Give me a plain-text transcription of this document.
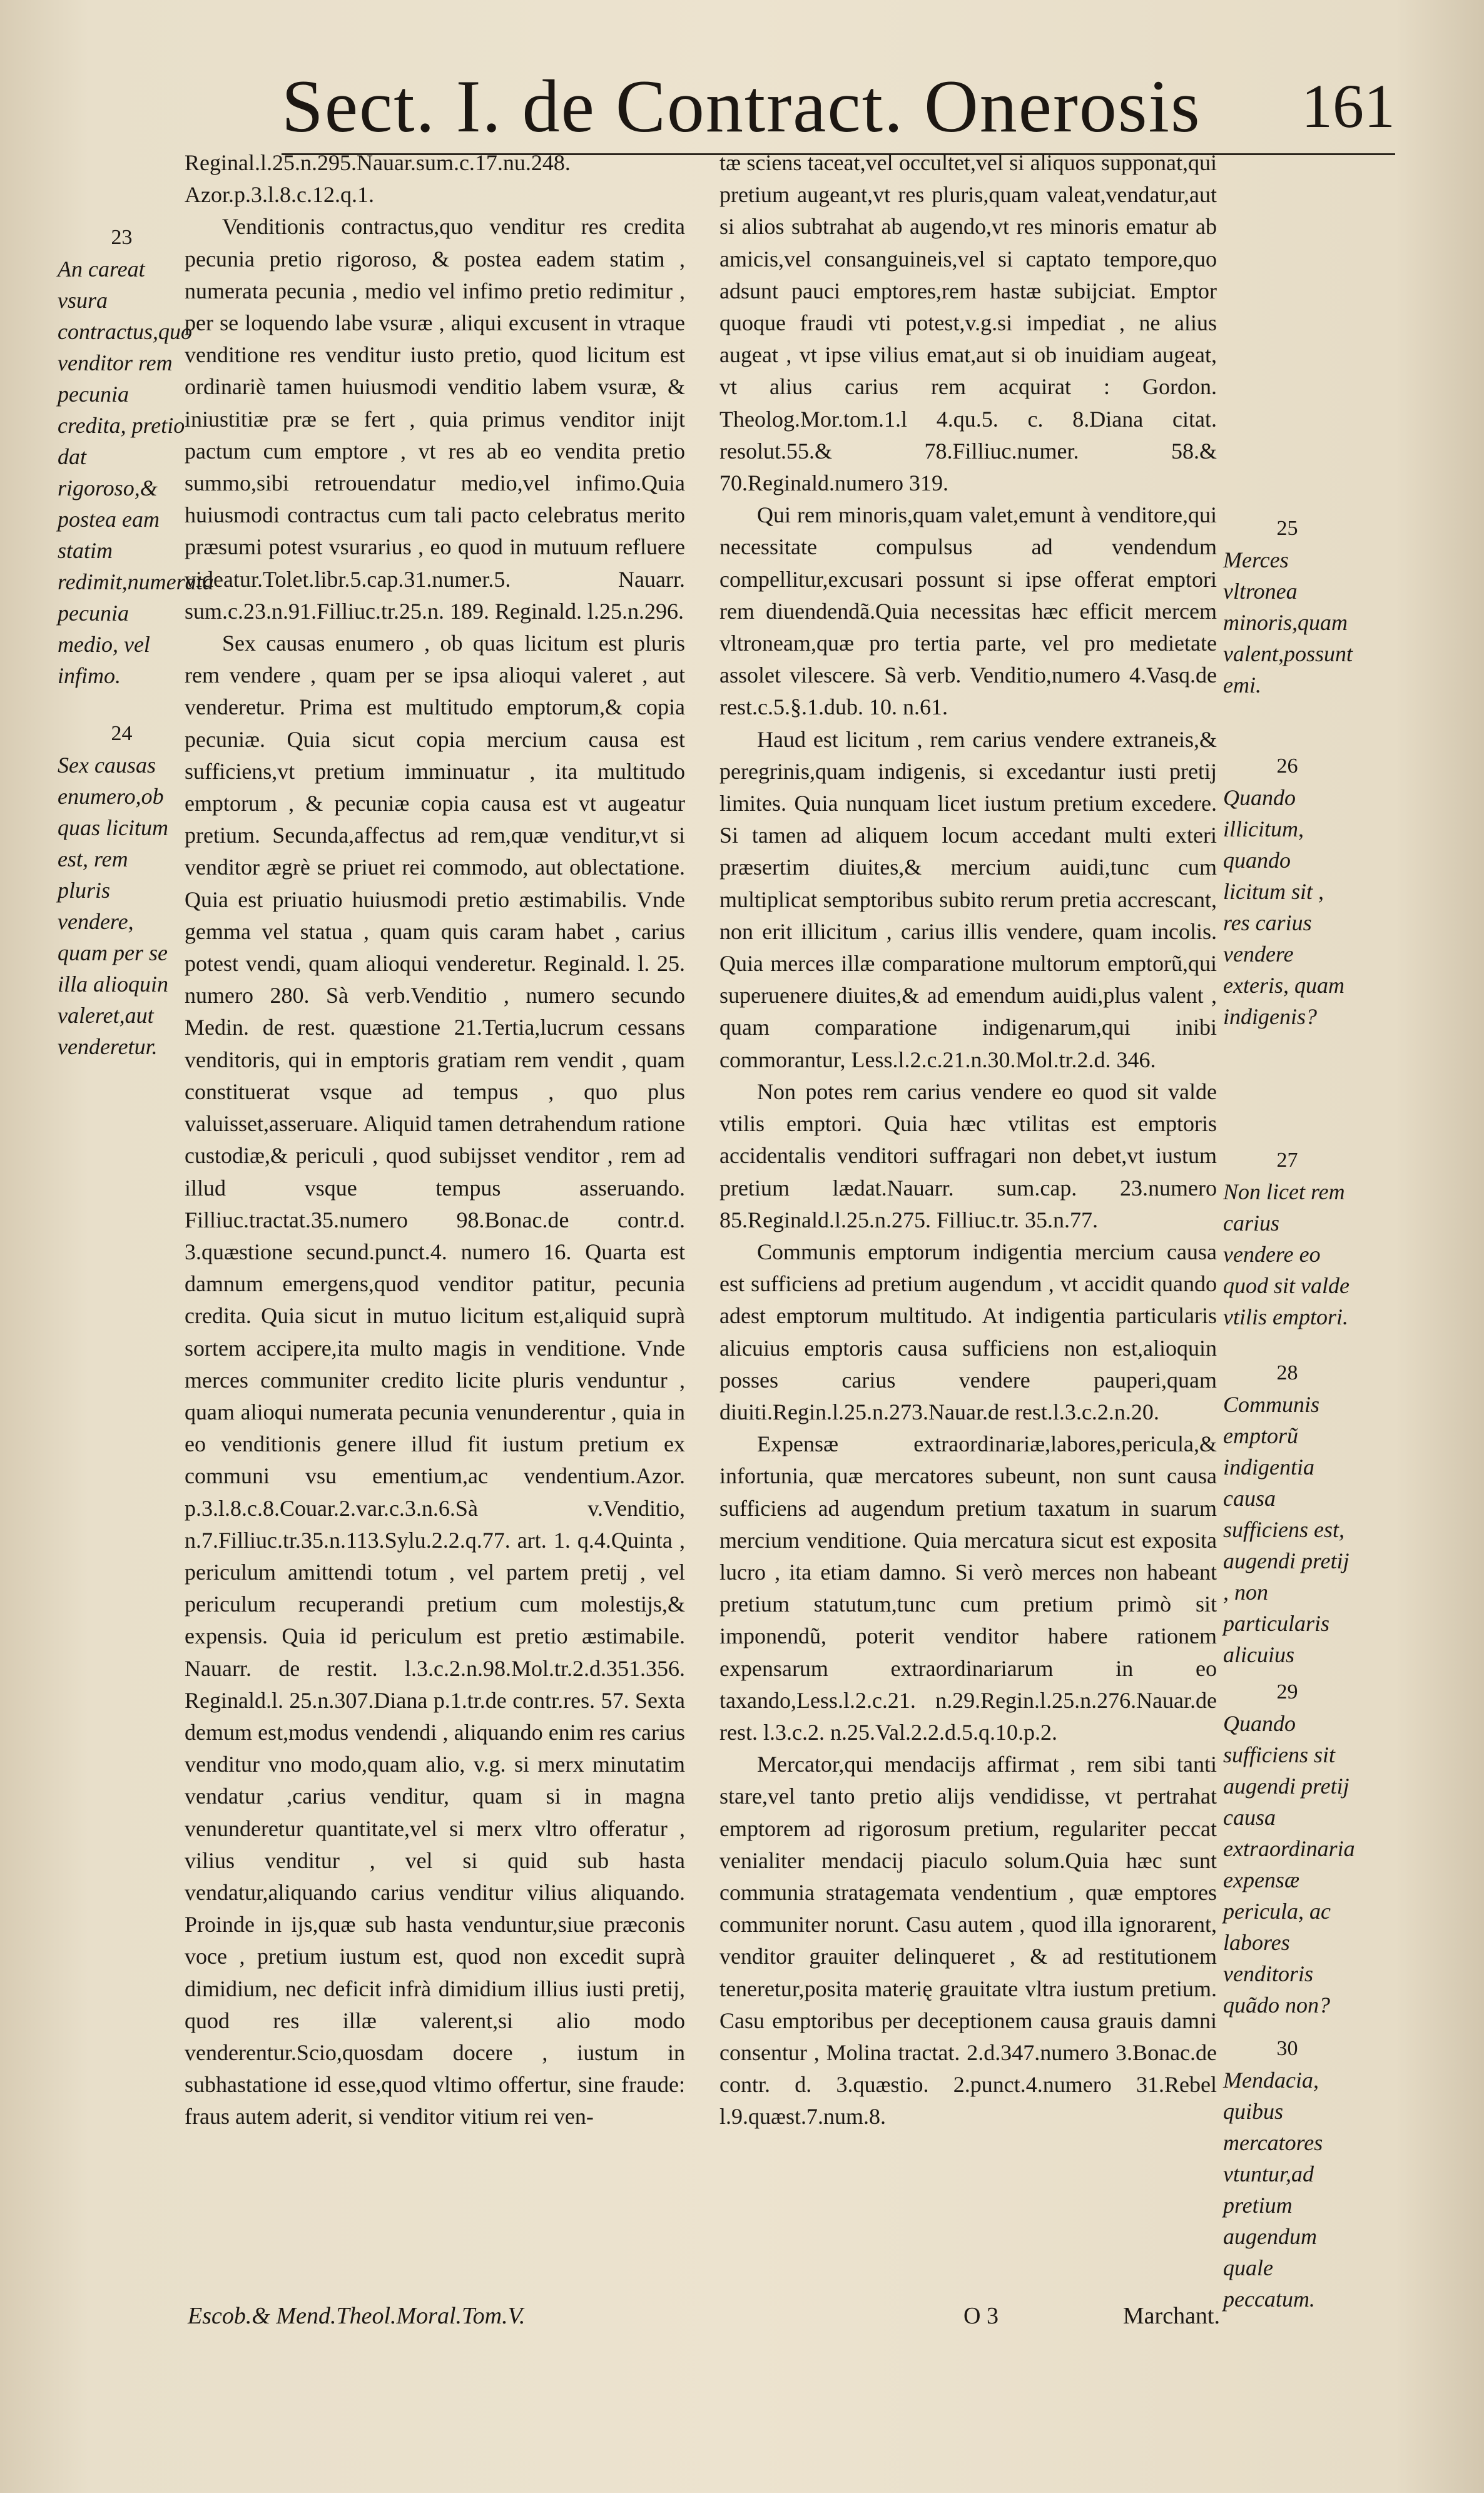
Sect. I. de Contract. Onerosis 161

Reginal.l.25.n.295.Nauar.sum.c.17.nu.248. Azor.p.3.l.8.c.12.q.1.

Venditionis contractus,quo venditur res credita pecunia pretio rigoroso, & postea eadem statim , numerata pecunia , medio vel infimo pretio redimitur , per se loquendo labe vsuræ , aliqui excusent in vtraque venditione res venditur iusto pretio, quod licitum est ordinariè tamen huiusmodi venditio labem vsuræ, & iniustitiæ præ se fert , quia primus venditor inijt pactum cum emptore , vt res ab eo vendita pretio summo,sibi retrouendatur medio,vel infimo.Quia huiusmodi contractus cum tali pacto celebratus merito præsumi potest vsurarius , eo quod in mutuum refluere videatur.Tolet.libr.5.cap.31.numer.5. Nauarr. sum.c.23.n.91.Filliuc.tr.25.n. 189. Reginald. l.25.n.296.

Sex causas enumero , ob quas licitum est pluris rem vendere , quam per se ipsa alioqui valeret , aut venderetur. Prima est multitudo emptorum,& copia pecuniæ. Quia sicut copia mercium causa est sufficiens,vt pretium imminuatur , ita multitudo emptorum , & pecuniæ copia causa est vt augeatur pretium. Secunda,affectus ad rem,quæ venditur,vt si venditor ægrè se priuet rei commodo, aut oblectatione. Quia est priuatio huiusmodi pretio æstimabilis. Vnde gemma vel statua , quam quis caram habet , carius potest vendi, quam alioqui venderetur. Reginald. l. 25. numero 280. Sà verb.Venditio , numero secundo Medin. de rest. quæstione 21.Tertia,lucrum cessans venditoris, qui in emptoris gratiam rem vendit , quam constituerat vsque ad tempus , quo plus valuisset,asseruare. Aliquid tamen detrahendum ratione custodiæ,& periculi , quod subijsset venditor , rem ad illud vsque tempus asseruando. Filliuc.tractat.35.numero 98.Bonac.de contr.d. 3.quæstione secund.punct.4. numero 16. Quarta est damnum emergens,quod venditor patitur, pecunia credita. Quia sicut in mutuo licitum est,aliquid suprà sortem accipere,ita multo magis in venditione. Vnde merces communiter credito licite pluris venduntur , quam alioqui numerata pecunia venunderentur , quia in eo venditionis genere illud fit iustum pretium ex communi vsu ementium,ac vendentium.Azor. p.3.l.8.c.8.Couar.2.var.c.3.n.6.Sà v.Venditio, n.7.Filliuc.tr.35.n.113.Sylu.2.2.q.77. art. 1. q.4.Quinta , periculum amittendi totum , vel partem pretij , vel periculum recuperandi pretium cum molestijs,& expensis. Quia id periculum est pretio æstimabile. Nauarr. de restit. l.3.c.2.n.98.Mol.tr.2.d.351.356. Reginald.l. 25.n.307.Diana p.1.tr.de contr.res. 57. Sexta demum est,modus vendendi , aliquando enim res carius venditur vno modo,quam alio, v.g. si merx minutatim vendatur ,carius venditur, quam si in magna venunderetur quantitate,vel si merx vltro offeratur , vilius venditur , vel si quid sub hasta vendatur,aliquando carius venditur vilius aliquando. Proinde in ijs,quæ sub hasta venduntur,siue præconis voce , pretium iustum est, quod non excedit suprà dimidium, nec deficit infrà dimidium illius iusti pretij, quod res illæ valerent,si alio modo venderentur.Scio,quosdam docere , iustum in subhastatione id esse,quod vltimo offertur, sine fraude: fraus autem aderit, si venditor vitium rei ven-

tæ sciens taceat,vel occultet,vel si aliquos supponat,qui pretium augeant,vt res pluris,quam valeat,vendatur,aut si alios subtrahat ab augendo,vt res minoris ematur ab amicis,vel consanguineis,vel si captato tempore,quo adsunt pauci emptores,rem hastæ subijciat. Emptor quoque fraudi vti potest,v.g.si impediat , ne alius augeat , vt ipse vilius emat,aut si ob inuidiam augeat, vt alius carius rem acquirat : Gordon. Theolog.Mor.tom.1.l 4.qu.5. c. 8.Diana citat. resolut.55.& 78.Filliuc.numer. 58.& 70.Reginald.numero 319.

Qui rem minoris,quam valet,emunt à venditore,qui necessitate compulsus ad vendendum compellitur,excusari possunt si ipse offerat emptori rem diuendendã.Quia necessitas hæc efficit mercem vltroneam,quæ pro tertia parte, vel pro medietate assolet vilescere. Sà verb. Venditio,numero 4.Vasq.de rest.c.5.§.1.dub. 10. n.61.

Haud est licitum , rem carius vendere extraneis,& peregrinis,quam indigenis, si excedantur iusti pretij limites. Quia nunquam licet iustum pretium excedere. Si tamen ad aliquem locum accedant multi exteri præsertim diuites,& mercium auidi,tunc cum multiplicat semptoribus subito rerum pretia accrescant, non erit illicitum , carius illis vendere, quam incolis. Quia merces illæ comparatione multorum emptorũ,qui superuenere diuites,& ad emendum auidi,plus valent , quam comparatione indigenarum,qui inibi commorantur, Less.l.2.c.21.n.30.Mol.tr.2.d. 346.

Non potes rem carius vendere eo quod sit valde vtilis emptori. Quia hæc vtilitas est emptoris accidentalis venditori suffragari non debet,vt iustum pretium lædat.Nauarr. sum.cap. 23.numero 85.Reginald.l.25.n.275. Filliuc.tr. 35.n.77.

Communis emptorum indigentia mercium causa est sufficiens ad pretium augendum , vt accidit quando adest emptorum multitudo. At indigentia particularis alicuius emptoris causa sufficiens non est,alioquin posses carius vendere pauperi,quam diuiti.Regin.l.25.n.273.Nauar.de rest.l.3.c.2.n.20.

Expensæ extraordinariæ,labores,pericula,& infortunia, quæ mercatores subeunt, non sunt causa sufficiens ad augendum pretium taxatum in suarum mercium venditione. Quia mercatura sicut est exposita lucro , ita etiam damno. Si verò merces non habeant pretium statutum,tunc cum pretium primò sit imponendũ, poterit venditor habere rationem expensarum extraordinariarum in eo taxando,Less.l.2.c.21. n.29.Regin.l.25.n.276.Nauar.de rest. l.3.c.2. n.25.Val.2.2.d.5.q.10.p.2.

Mercator,qui mendacijs affirmat , rem sibi tanti stare,vel tanto pretio alijs vendidisse, vt pertrahat emptorem ad rigorosum pretium, regulariter peccat venialiter mendacij piaculo solum.Quia hæc sunt communia stratagemata vendentium , quæ emptores communiter norunt. Casu autem , quod illa ignorarent, venditor grauiter delinqueret , & ad restitutionem teneretur,posita materię grauitate vltra iustum pretium. Casu emptoribus per deceptionem causa grauis damni consentur , Molina tractat. 2.d.347.numero 3.Bonac.de contr. d. 3.quæstio. 2.punct.4.numero 31.Rebel l.9.quæst.7.num.8.

23
An careat vsura contractus,quo venditor rem pecunia credita, pretio dat rigoroso,& postea eam statim redimit,numerata pecunia medio, vel infimo.
24
Sex causas enumero,ob quas licitum est, rem pluris vendere, quam per se illa alioquin valeret,aut venderetur.
25
Merces vltronea minoris,quam valent,possunt emi.
26
Quando illicitum, quando licitum sit , res carius vendere exteris, quam indigenis?
27
Non licet rem carius vendere eo quod sit valde vtilis emptori.
28
Communis emptorũ indigentia causa sufficiens est, augendi pretij , non particularis alicuius
29
Quando sufficiens sit augendi pretij causa extraordinaria expensæ pericula, ac labores venditoris quãdo non?
30
Mendacia, quibus mercatores vtuntur,ad pretium augendum quale peccatum.
Escob.& Mend.Theol.Moral.Tom.V.	O 3	Marchant.
